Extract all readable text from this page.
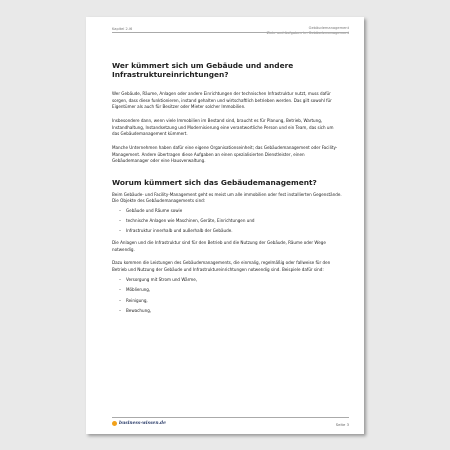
Kapitel 2.l6	Gebäudemanagement
Ziele und Aufgaben im Gebäudemanagement
Wer kümmert sich um Gebäude und andere Infrastruktureinrichtungen?

Wer Gebäude, Räume, Anlagen oder andere Einrichtungen der technischen Infrastruktur nutzt, muss dafür sorgen, dass diese funktionieren, instand gehalten und wirtschaftlich betrieben werden. Das gilt sowohl für Eigentümer als auch für Besitzer oder Mieter solcher Immobilien.

Insbesondere dann, wenn viele Immobilien im Bestand sind, braucht es für Planung, Betrieb, Wartung, Instandhaltung, Instandsetzung und Modernisierung eine verantwortliche Person und ein Team, das sich um das Gebäudemanagement kümmert.

Manche Unternehmen haben dafür eine eigene Organisationseinheit; das Gebäudemanagement oder Facility-Management. Andere übertragen diese Aufgaben an einen spezialisierten Dienstleister, einen Gebäudemanager oder eine Hausverwaltung.

Worum kümmert sich das Gebäudemanagement?

Beim Gebäude- und Facility-Management geht es meist um alle immobilien oder fest installierten Gegenstände. Die Objekte des Gebäudemanagements sind:

– Gebäude und Räume sowie
– technische Anlagen wie Maschinen, Geräte, Einrichtungen und
– Infrastruktur innerhalb und außerhalb der Gebäude.

Die Anlagen und die Infrastruktur sind für den Betrieb und die Nutzung der Gebäude, Räume oder Wege notwendig.

Dazu kommen die Leistungen des Gebäudemanagements, die einmalig, regelmäßig oder fallweise für den Betrieb und Nutzung der Gebäude und Infrastruktureinrichtungen notwendig sind. Beispiele dafür sind:

– Versorgung mit Strom und Wärme,
– Möblierung,
– Reinigung,
– Bewachung,
business-wissen.de	Seite 3
